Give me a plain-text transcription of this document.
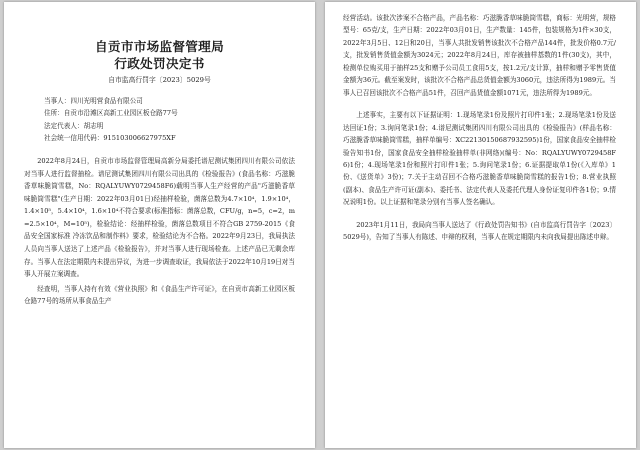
自贡市市场监督管理局
行政处罚决定书
自市监高行罚字〔2023〕5029号
当事人：四川光明营食品有限公司
住所：自贡市沿滩区高新工业园区板仓路77号
法定代表人：胡志明
社会统一信用代码：915103006627975XF

2022年8月24日，自贡市市场监督管理局高新分局委托谱尼测试集团四川有限公司依法对当事人进行监督抽检。谱尼测试集团四川有限公司出具的《检验报告》(食品名称：巧滋脆香草味脆筒雪糕，No：RQALYUWY0729458F6)载明当事人生产经营的产品"巧滋脆香草味脆筒雪糕"(生产日期：2022年03月01日)经抽样检验，菌落总数为4.7×10⁴，1.9×10⁴，1.4×10⁵，5.4×10⁴，1.6×10⁴不符合要求(标准指标：菌落总数，CFU/g，n=5，c=2，m=2.5×10⁴，M=10⁵)，检验结论：经抽样检验，菌落总数项目不符合GB 2759-2015《食品安全国家标准 冷冻饮品和制作料》要求，检验结论为不合格。2022年9月23日，我局执法人员向当事人送达了上述产品《检验报告》，并对当事人进行现场检查。上述产品已无剩余库存。当事人在法定期限内未提出异议，为进一步调查取证，我局依法于2022年10月19日对当事人开展立案调查。

经查明，当事人持有有效《营业执照》和《食品生产许可证》，在自贡市高新工业园区板仓路77号的场所从事食品生产

经营活动。该批次涉案不合格产品，产品名称：巧滋脆香草味脆筒雪糕，商标：光明营，规格型号：65克/支，生产日期：2022年03月01日，生产数量：145件，包装规格为1件×30支，2022年3月5日、12日和20日，当事人共批发销售该批次不合格产品144件，批发价格0.7元/支，批发销售货值金额为3024元；2022年8月24日，库存被抽样基数的1件(30支)，其中，检测单位购买用于抽样25支和赠予公司员工食用5支，按1.2元/支计算，抽样和赠予零售货值金额为36元。截至案发时，该批次不合格产品总货值金额为3060元，违法所得为1989元。当事人已召回该批次不合格产品51件，召回产品货值金额1071元，违法所得为1989元。

上述事实，主要有以下证据证明：1.现场笔录1份及照片打印件1张；2.现场笔录1份及送达回证1份；3.询问笔录1份；4.谱尼测试集团四川有限公司出具的《检验报告》(样品名称：巧滋脆香草味脆筒雪糕，抽样单编号：XC22130150687932595)1份，国家食品安全抽样检验告知书1份，国家食品安全抽样检验抽样单(非网络)(编号：No：RQALYUWY0729458F6)1份；4.现场笔录1份和照片打印件1张；5.询问笔录1份；6.证据提取单1份(《入库单》1份、《送货单》3份)；7.关于主动召回不合格巧滋脆香草味脆筒雪糕的报告1份；8.营业执照(副本)、食品生产许可证(副本)、委托书、法定代表人及委托代理人身份证复印件各1份；9.情况说明1份。以上证据和笔录分别有当事人签名确认。

2023年1月11日，我局向当事人送达了《行政处罚告知书》(自市监高行罚告字〔2023〕5029号)，告知了当事人有陈述、申辩的权利，当事人在规定期限内未向我局提出陈述申辩。
